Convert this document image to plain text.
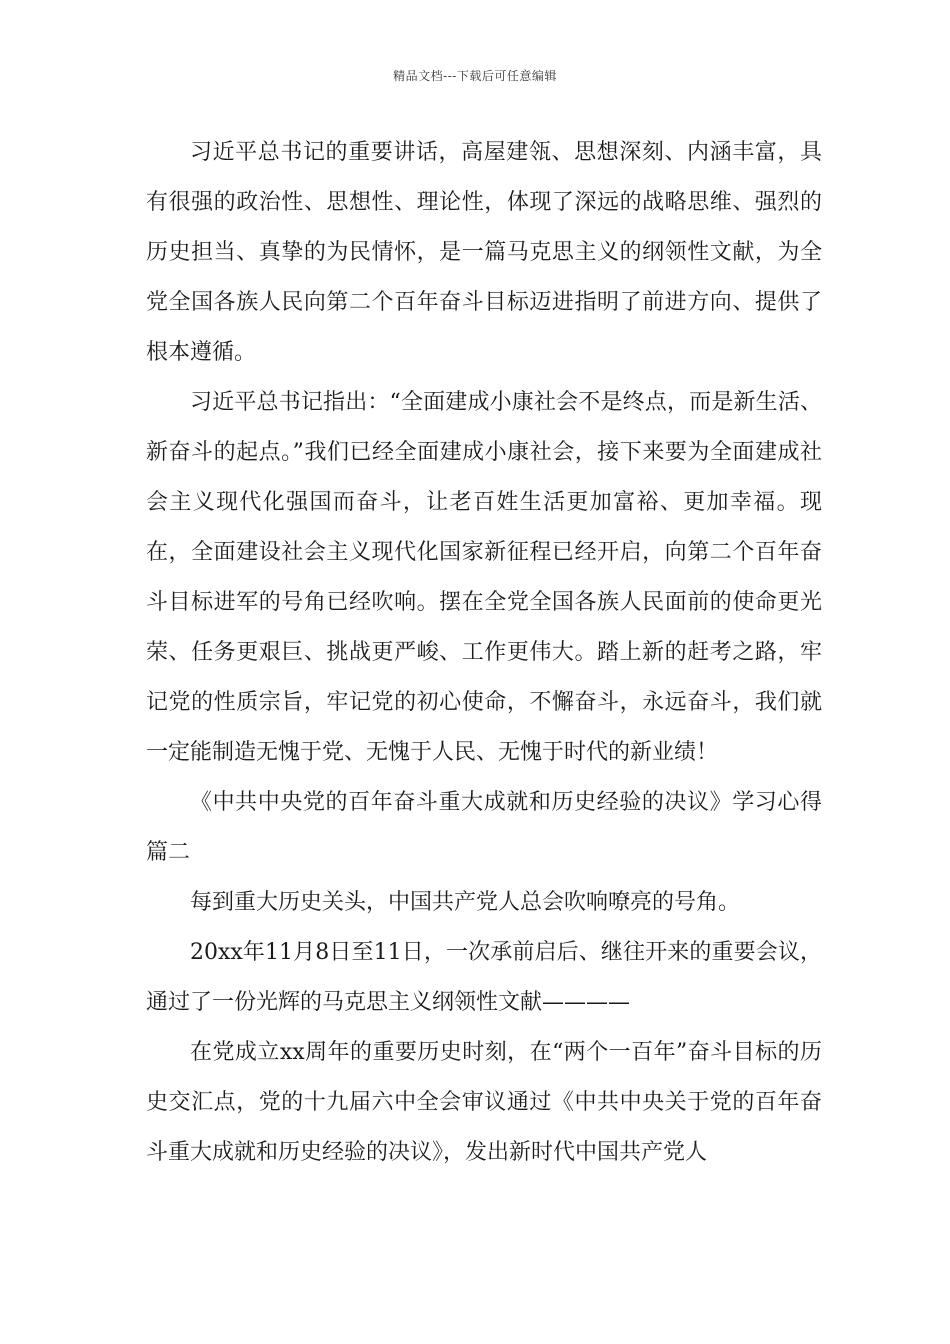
精品文档---下载后可任意编辑

习近平总书记的重要讲话，高屋建瓴、思想深刻、内涵丰富，具有很强的政治性、思想性、理论性，体现了深远的战略思维、强烈的历史担当、真挚的为民情怀，是一篇马克思主义的纲领性文献，为全党全国各族人民向第二个百年奋斗目标迈进指明了前进方向、提供了根本遵循。

习近平总书记指出：“全面建成小康社会不是终点，而是新生活、新奋斗的起点。”我们已经全面建成小康社会，接下来要为全面建成社会主义现代化强国而奋斗，让老百姓生活更加富裕、更加幸福。现在，全面建设社会主义现代化国家新征程已经开启，向第二个百年奋斗目标进军的号角已经吹响。摆在全党全国各族人民面前的使命更光荣、任务更艰巨、挑战更严峻、工作更伟大。踏上新的赶考之路，牢记党的性质宗旨，牢记党的初心使命，不懈奋斗，永远奋斗，我们就一定能制造无愧于党、无愧于人民、无愧于时代的新业绩！

《中共中央党的百年奋斗重大成就和历史经验的决议》学习心得 篇二

每到重大历史关头，中国共产党人总会吹响嘹亮的号角。

20xx年11月8日至11日，一次承前启后、继往开来的重要会议，通过了一份光辉的马克思主义纲领性文献————

在党成立xx周年的重要历史时刻，在“两个一百年”奋斗目标的历史交汇点，党的十九届六中全会审议通过《中共中央关于党的百年奋斗重大成就和历史经验的决议》，发出新时代中国共产党人
